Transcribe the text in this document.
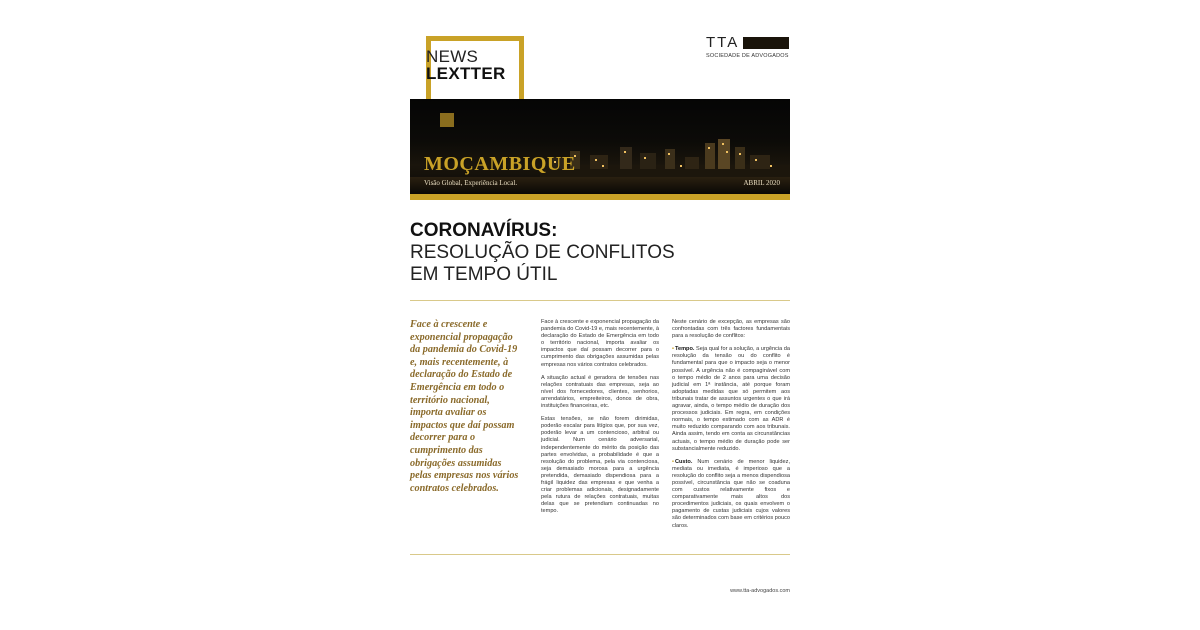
NEWS
LEXTTER
TTA
SOCIEDADE DE ADVOGADOS
MOÇAMBIQUE
Visão Global, Experiência Local.	ABRIL 2020
CORONAVÍRUS:
RESOLUÇÃO DE CONFLITOS
EM TEMPO ÚTIL
Face à crescente e exponencial propagação da pandemia do Covid-19 e, mais recentemente, à declaração do Estado de Emergência em todo o território nacional, importa avaliar os impactos que daí possam decorrer para o cumprimento das obrigações assumidas pelas empresas nos vários contratos celebrados.

Face à crescente e exponencial propagação da pandemia do Covid-19 e, mais recentemente, à declaração do Estado de Emergência em todo o território nacional, importa avaliar os impactos que daí possam decorrer para o cumprimento das obrigações assumidas pelas empresas nos vários contratos celebrados.

A situação actual é geradora de tensões nas relações contratuais das empresas, seja ao nível dos fornecedores, clientes, senhorios, arrendatários, empreiteiros, donos de obra, instituições financeiras, etc.

Estas tensões, se não forem dirimidas, poderão escalar para litígios que, por sua vez, poderão levar a um contencioso, arbitral ou judicial. Num cenário adversarial, independentemente do mérito da posição das partes envolvidas, a probabilidade é que a resolução do problema, pela via contenciosa, seja demasiado morosa para a urgência pretendida, demasiado dispendiosa para a frágil liquidez das empresas e que venha a criar problemas adicionais, designadamente pela rutura de relações contratuais, muitas delas que se pretendiam continuadas no tempo.

Neste cenário de excepção, as empresas são confrontadas com três factores fundamentais para a resolução de conflitos:

•Tempo. Seja qual for a solução, a urgência da resolução da tensão ou do conflito é fundamental para que o impacto seja o menor possível. A urgência não é compaginável com o tempo médio de 2 anos para uma decisão judicial em 1ª instância, até porque foram adoptadas medidas que só permitem aos tribunais tratar de assuntos urgentes o que irá agravar, ainda, o tempo médio de duração dos processos judiciais. Em regra, em condições normais, o tempo estimado com as ADR é muito reduzido comparando com aos tribunais. Ainda assim, tendo em conta as circunstâncias actuais, o tempo médio de duração pode ser substancialmente reduzido.

•Custo. Num cenário de menor liquidez, mediata ou imediata, é imperioso que a resolução do conflito seja a menos dispendiosa possível, circunstância que não se coaduna com custos relativamente fixos e comparativamente mais altos dos procedimentos judiciais, os quais envolvem o pagamento de custas judiciais cujos valores são determinados com base em critérios pouco claros.

www.tta-advogados.com
